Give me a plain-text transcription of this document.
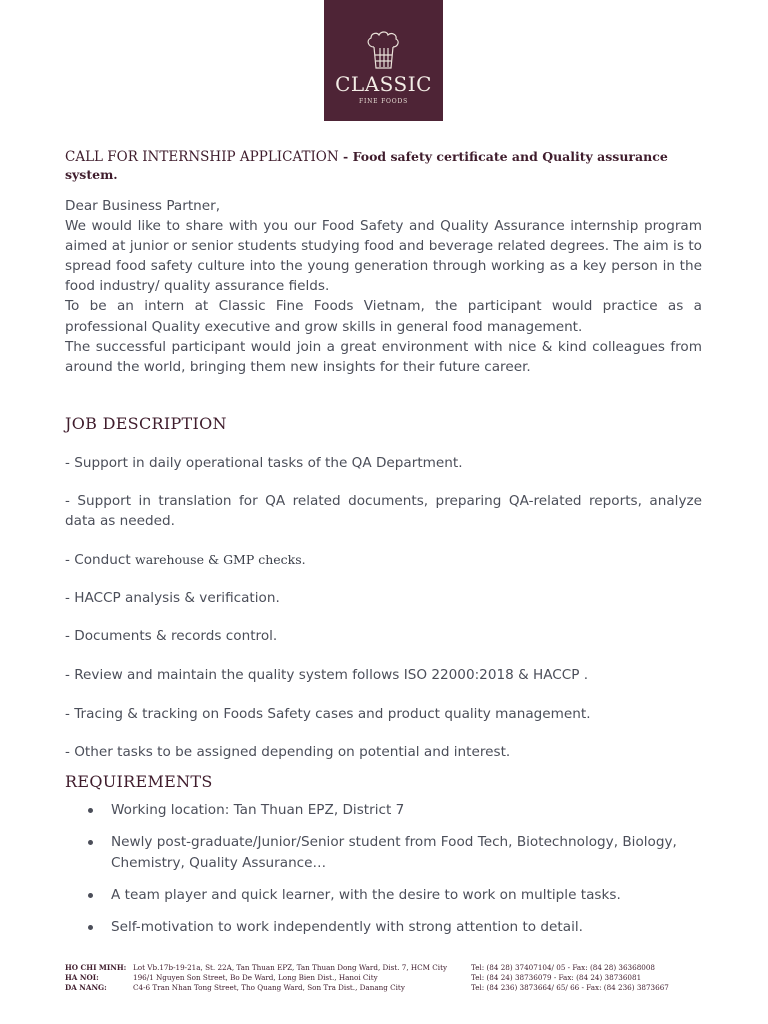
CLASSIC
FINE FOODS
CALL FOR INTERNSHIP APPLICATION - Food safety certificate and Quality assurance system.

Dear Business Partner,

We would like to share with you our Food Safety and Quality Assurance internship program aimed at junior or senior students studying food and beverage related degrees. The aim is to spread food safety culture into the young generation through working as a key person in the food industry/ quality assurance fields.

To be an intern at Classic Fine Foods Vietnam, the participant would practice as a professional Quality executive and grow skills in general food management.

The successful participant would join a great environment with nice & kind colleagues from around the world, bringing them new insights for their future career.

JOB DESCRIPTION
- Support in daily operational tasks of the QA Department.
- Support in translation for QA related documents, preparing QA-related reports, analyze data as needed.
- Conduct warehouse & GMP checks.
- HACCP analysis & verification.
- Documents & records control.
- Review and maintain the quality system follows ISO 22000:2018 & HACCP .
- Tracing & tracking on Foods Safety cases and product quality management.
- Other tasks to be assigned depending on potential and interest.
REQUIREMENTS
Working location: Tan Thuan EPZ, District 7
Newly post-graduate/Junior/Senior student from Food Tech, Biotechnology, Biology, Chemistry, Quality Assurance…
A team player and quick learner, with the desire to work on multiple tasks.
Self-motivation to work independently with strong attention to detail.
HO CHI MINH: Lot Vb.17b-19-21a, St. 22A, Tan Thuan EPZ, Tan Thuan Dong Ward, Dist. 7, HCM City	Tel: (84 28) 37407104/ 05 - Fax: (84 28) 36368008
HA NOI:	196/1 Nguyen Son Street, Bo De Ward, Long Bien Dist., Hanoi City	Tel: (84 24) 38736079 - Fax: (84 24) 38736081
DA NANG:	C4-6 Tran Nhan Tong Street, Tho Quang Ward, Son Tra Dist., Danang City	Tel: (84 236) 3873664/ 65/ 66 - Fax: (84 236) 3873667
